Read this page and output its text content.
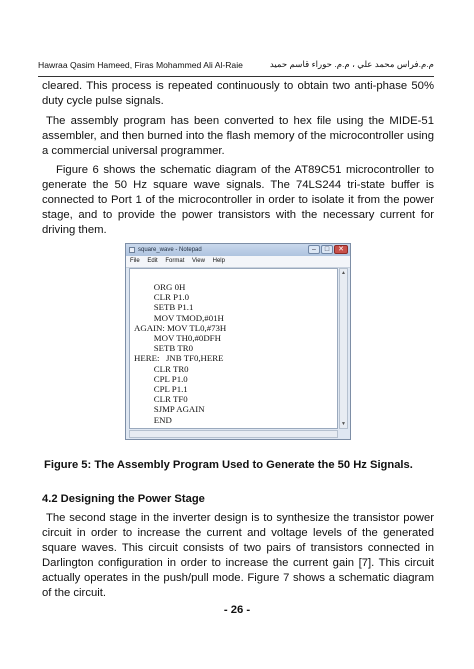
Hawraa Qasim Hameed, Firas Mohammed Ali Al-Raie	م.م.فراس محمد علي ، م.م. حوراء قاسم حميد

cleared. This process is repeated continuously to obtain two anti-phase 50% duty cycle pulse signals.

The assembly program has been converted to hex file using the MIDE-51 assembler, and then burned into the flash memory of the microcontroller using a commercial universal programmer.

Figure 6 shows the schematic diagram of the AT89C51 microcontroller to generate the 50 Hz square wave signals. The 74LS244 tri-state buffer is connected to Port 1 of the microcontroller in order to isolate it from the power stage, and to provide the power transistors with the necessary current for driving them.

square_wave - Notepad	–	□	✕
File Edit Format View Help
ORG 0H
CLR P1.0
SETB P1.1
MOV TMOD,#01H
AGAIN: MOV TL0,#73H
MOV TH0,#0DFH
SETB TR0
HERE:   JNB TF0,HERE
CLR TR0
CPL P1.0
CPL P1.1
CLR TF0
SJMP AGAIN
END
▲
▼

Figure 5: The Assembly Program Used to Generate the 50 Hz Signals.

4.2 Designing the Power Stage

The second stage in the inverter design is to synthesize the transistor power circuit in order to increase the current and voltage levels of the generated square waves. This circuit consists of two pairs of transistors connected in Darlington configuration in order to increase the current gain [7]. This circuit actually operates in the push/pull mode. Figure 7 shows a schematic diagram of the circuit.

- 26 -
